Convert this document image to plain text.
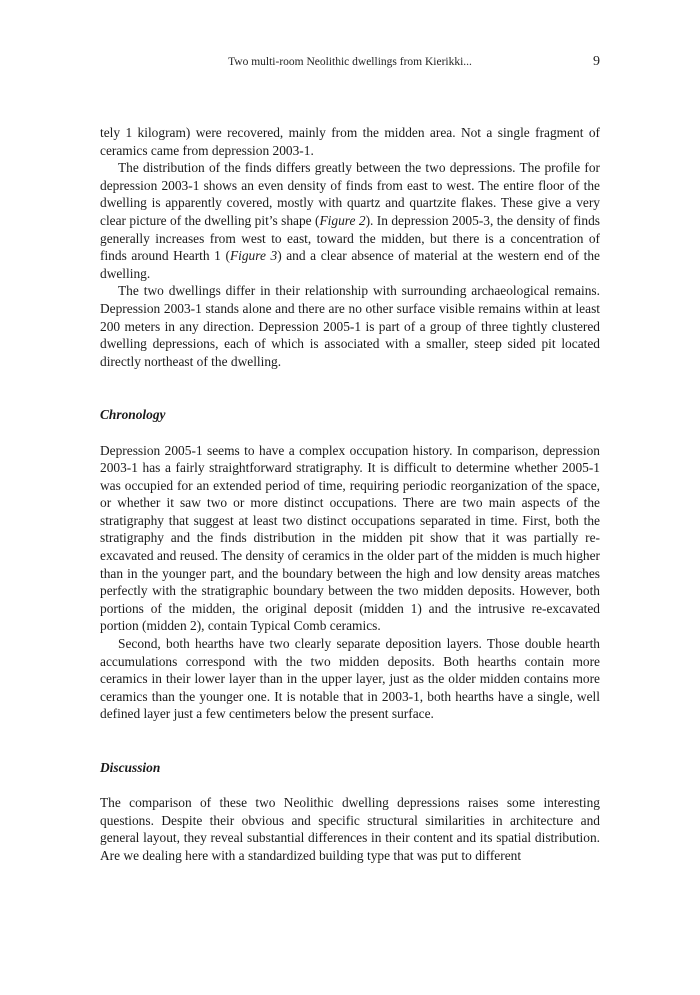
Two multi-room Neolithic dwellings from Kierikki...	9

tely 1 kilogram) were recovered, mainly from the midden area. Not a single fragment of ceramics came from depression 2003-1.

The distribution of the finds differs greatly between the two depressions. The profile for depression 2003-1 shows an even density of finds from east to west. The entire floor of the dwelling is apparently covered, mostly with quartz and quartzite flakes. These give a very clear picture of the dwelling pit’s shape (Figure 2). In depression 2005-3, the density of finds generally increases from west to east, toward the midden, but there is a concentration of finds around Hearth 1 (Figure 3) and a clear absence of material at the western end of the dwelling.

The two dwellings differ in their relationship with surrounding archaeological remains. Depression 2003-1 stands alone and there are no other surface visible remains within at least 200 meters in any direction. Depression 2005-1 is part of a group of three tightly clustered dwelling depressions, each of which is associated with a smaller, steep sided pit located directly northeast of the dwelling.

Chronology

Depression 2005-1 seems to have a complex occupation history. In comparison, depression 2003-1 has a fairly straightforward stratigraphy. It is difficult to determine whether 2005-1 was occupied for an extended period of time, requiring periodic reorganization of the space, or whether it saw two or more distinct occupations. There are two main aspects of the stratigraphy that suggest at least two distinct occupations separated in time. First, both the stratigraphy and the finds distribution in the midden pit show that it was partially re-excavated and reused. The density of ceramics in the older part of the midden is much higher than in the younger part, and the boundary between the high and low density areas matches perfectly with the stratigraphic boundary between the two midden deposits. However, both portions of the midden, the original deposit (midden 1) and the intrusive re-excavated portion (midden 2), contain Typical Comb ceramics.

Second, both hearths have two clearly separate deposition layers. Those double hearth accumulations correspond with the two midden deposits. Both hearths contain more ceramics in their lower layer than in the upper layer, just as the older midden contains more ceramics than the younger one. It is notable that in 2003-1, both hearths have a single, well defined layer just a few centimeters below the present surface.

Discussion

The comparison of these two Neolithic dwelling depressions raises some interesting questions. Despite their obvious and specific structural similarities in architecture and general layout, they reveal substantial differences in their content and its spatial distribution. Are we dealing here with a standardized building type that was put to different
